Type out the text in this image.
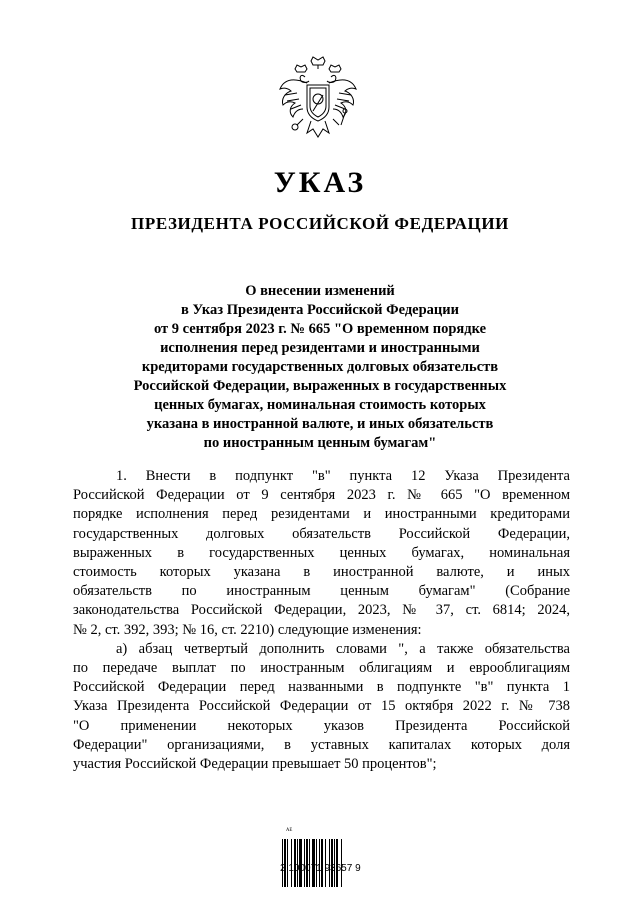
УКАЗ
ПРЕЗИДЕНТА РОССИЙСКОЙ ФЕДЕРАЦИИ
О внесении изменений
в Указ Президента Российской Федерации
от 9 сентября 2023 г. № 665 "О временном порядке
исполнения перед резидентами и иностранными
кредиторами государственных долговых обязательств
Российской Федерации, выраженных в государственных
ценных бумагах, номинальная стоимость которых
указана в иностранной валюте, и иных обязательств
по иностранным ценным бумагам"

1. Внести в подпункт "в" пункта 12 Указа Президента
Российской Федерации от 9 сентября 2023 г. № 665 "О временном
порядке исполнения перед резидентами и иностранными кредиторами
государственных долговых обязательств Российской Федерации,
выраженных в государственных ценных бумагах, номинальная
стоимость которых указана в иностранной валюте, и иных
обязательств по иностранным ценным бумагам" (Собрание
законодательства Российской Федерации, 2023, № 37, ст. 6814; 2024,
№ 2, ст. 392, 393; № 16, ст. 2210) следующие изменения:

а) абзац четвертый дополнить словами ", а также обязательства
по передаче выплат по иностранным облигациям и еврооблигациям
Российской Федерации перед названными в подпункте "в" пункта 1
Указа Президента Российской Федерации от 15 октября 2022 г. № 738
"О применении некоторых указов Президента Российской
Федерации" организациями, в уставных капиталах которых доля
участия Российской Федерации превышает 50 процентов";

ᴬᴱ
2 100071 93657 9
